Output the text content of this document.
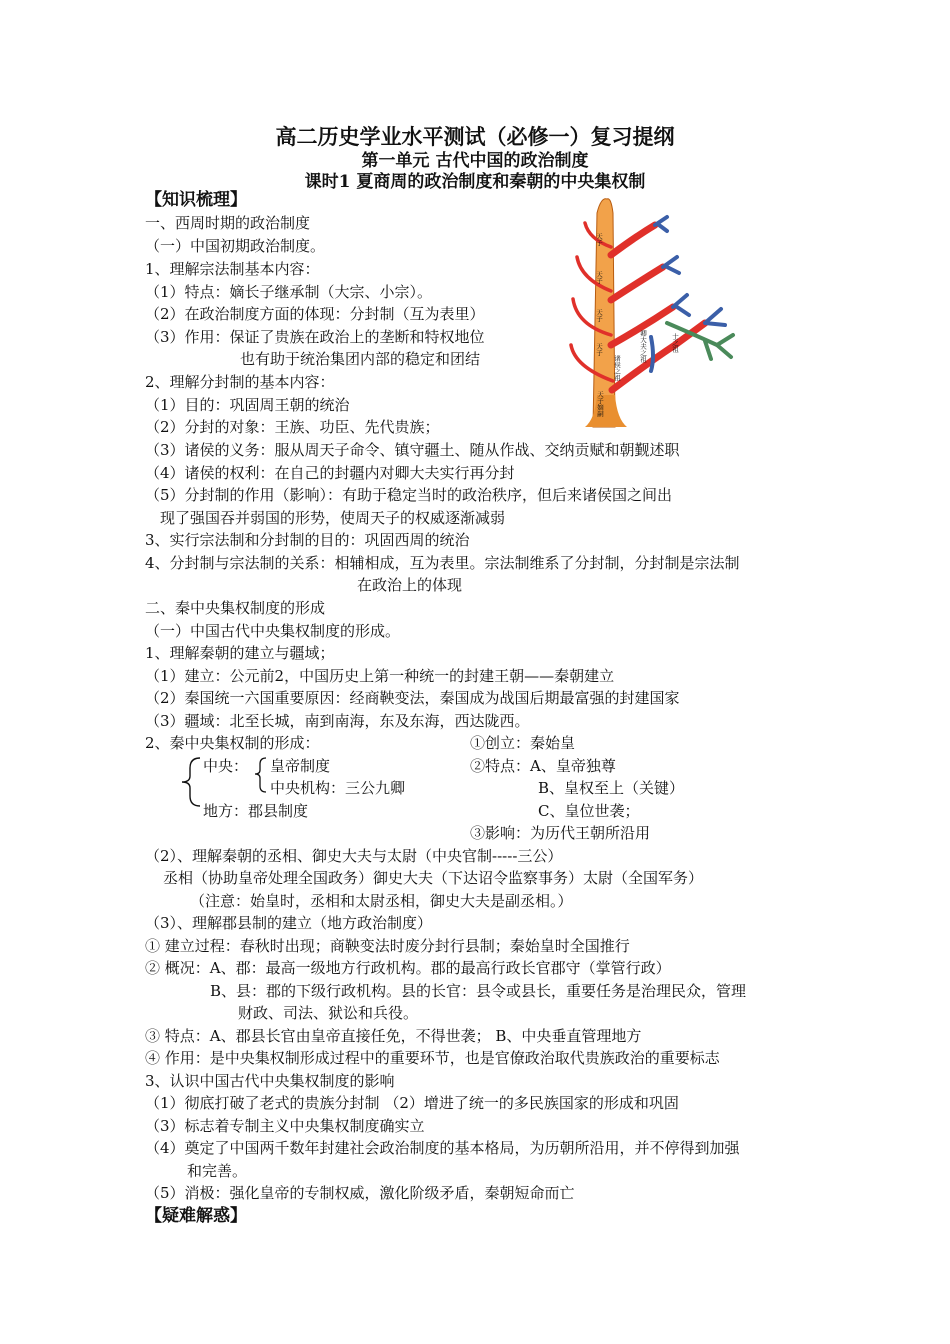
高二历史学业水平测试（必修一）复习提纲
第一单元 古代中国的政治制度
课时1 夏商周的政治制度和秦朝的中央集权制
【知识梳理】
一、西周时期的政治制度
（一）中国初期政治制度。
1、理解宗法制基本内容：
（1）特点：嫡长子继承制（大宗、小宗）。
（2）在政治制度方面的体现：分封制（互为表里）
（3）作用：保证了贵族在政治上的垄断和特权地位
也有助于统治集团内部的稳定和团结
2、理解分封制的基本内容：
（1）目的：巩固周王朝的统治
（2）分封的对象：王族、功臣、先代贵族；
（3）诸侯的义务：服从周天子命令、镇守疆土、随从作战、交纳贡赋和朝觐述职
（4）诸侯的权利：在自己的封疆内对卿大夫实行再分封
（5）分封制的作用（影响）：有助于稳定当时的政治秩序，但后来诸侯国之间出
现了强国吞并弱国的形势，使周天子的权威逐渐减弱
3、实行宗法制和分封制的目的：巩固西周的统治
4、分封制与宗法制的关系：相辅相成，互为表里。宗法制维系了分封制，分封制是宗法制
在政治上的体现
二、秦中央集权制度的形成
（一）中国古代中央集权制度的形成。
1、理解秦朝的建立与疆域；
（1）建立：公元前2，中国历史上第一种统一的封建王朝——秦朝建立
（2）秦国统一六国重要原因：经商鞅变法，秦国成为战国后期最富强的封建国家
（3）疆域：北至长城，南到南海，东及东海，西达陇西。
2、秦中央集权制的形成：	①创立：秦始皇
中央： 皇帝制度	②特点：A、皇帝独尊
中央机构：三公九卿	B、皇权至上（关键）
地方：郡县制度	C、皇位世袭；
③影响：为历代王朝所沿用
（2）、理解秦朝的丞相、御史大夫与太尉（中央官制-----三公）
丞相（协助皇帝处理全国政务）御史大夫（下达诏令监察事务）太尉（全国军务）
（注意：始皇时，丞相和太尉丞相，御史大夫是副丞相。）
（3）、理解郡县制的建立（地方政治制度）
① 建立过程：春秋时出现；商鞅变法时废分封行县制；秦始皇时全国推行
② 概况：A、郡：最高一级地方行政机构。郡的最高行政长官郡守（掌管行政）
B、县：郡的下级行政机构。县的长官：县令或县长，重要任务是治理民众，管理
财政、司法、狱讼和兵役。
③ 特点：A、郡县长官由皇帝直接任免，不得世袭； B、中央垂直管理地方
④ 作用：是中央集权制形成过程中的重要环节，也是官僚政治取代贵族政治的重要标志
3、认识中国古代中央集权制度的影响
（1）彻底打破了老式的贵族分封制 （2）增进了统一的多民族国家的形成和巩固
（3）标志着专制主义中央集权制度确实立
（4）奠定了中国两千数年封建社会政治制度的基本格局，为历朝所沿用，并不停得到加强
和完善。
（5）消极：强化皇帝的专制权威，激化阶级矛盾，秦朝短命而亡
【疑难解惑】
天子
天子
天子
天子
天子嫡嗣
诸侯之祖
卿大夫之祖	士之祖
